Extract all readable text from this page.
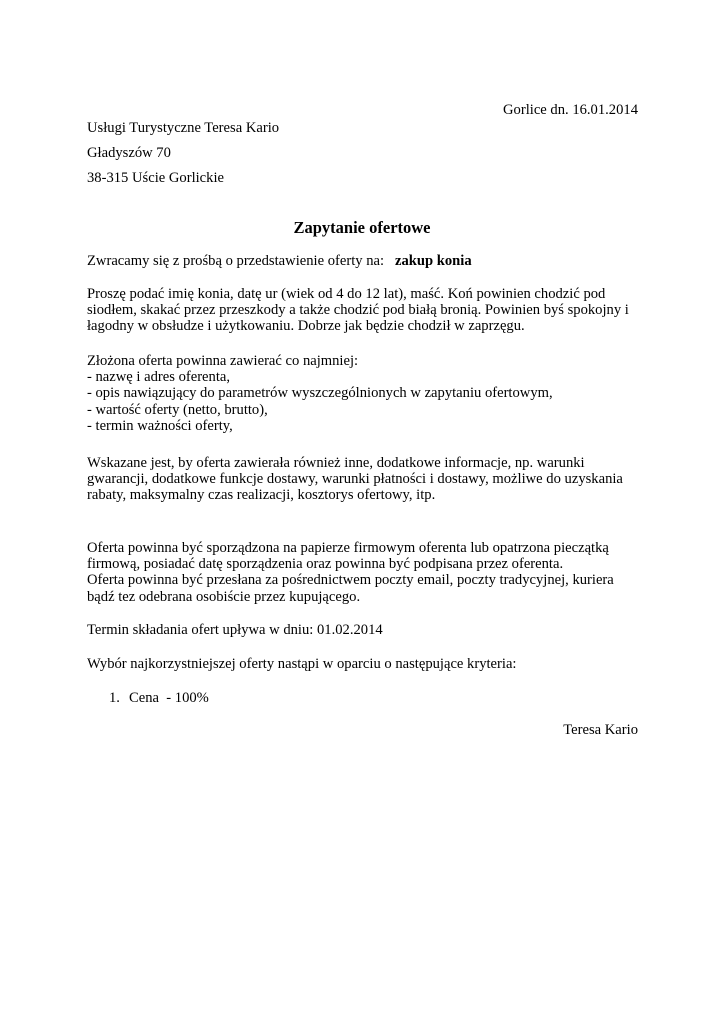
Gorlice dn. 16.01.2014
Usługi Turystyczne Teresa Kario
Gładyszów 70
38-315 Uście Gorlickie
Zapytanie ofertowe
Zwracamy się z prośbą o przedstawienie oferty na: zakup konia
Proszę podać imię konia, datę ur (wiek od 4 do 12 lat), maść. Koń powinien chodzić pod
siodłem, skakać przez przeszkody a także chodzić pod białą bronią. Powinien byś spokojny i
łagodny w obsłudze i użytkowaniu. Dobrze jak będzie chodził w zaprzęgu.
Złożona oferta powinna zawierać co najmniej:
- nazwę i adres oferenta,
- opis nawiązujący do parametrów wyszczególnionych w zapytaniu ofertowym,
- wartość oferty (netto, brutto),
- termin ważności oferty,
Wskazane jest, by oferta zawierała również inne, dodatkowe informacje, np. warunki
gwarancji, dodatkowe funkcje dostawy, warunki płatności i dostawy, możliwe do uzyskania
rabaty, maksymalny czas realizacji, kosztorys ofertowy, itp.
Oferta powinna być sporządzona na papierze firmowym oferenta lub opatrzona pieczątką
firmową, posiadać datę sporządzenia oraz powinna być podpisana przez oferenta.
Oferta powinna być przesłana za pośrednictwem poczty email, poczty tradycyjnej, kuriera
bądź tez odebrana osobiście przez kupującego.
Termin składania ofert upływa w dniu: 01.02.2014
Wybór najkorzystniejszej oferty nastąpi w oparciu o następujące kryteria:
1. Cena  - 100%
Teresa Kario
